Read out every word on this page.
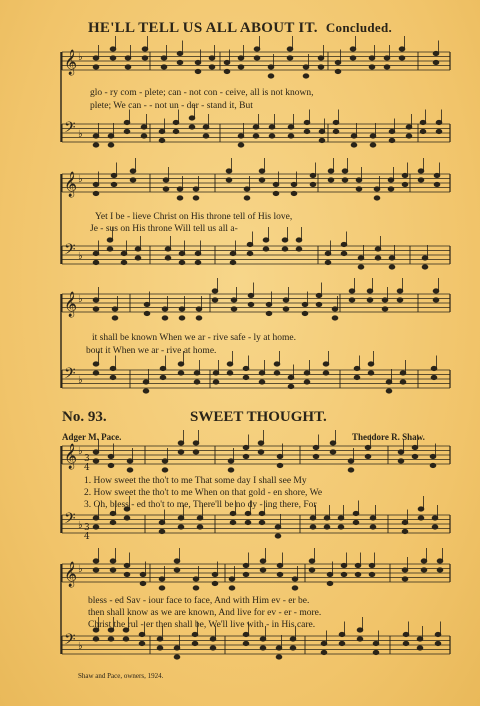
𝄞 ♭
𝄢 ♭
𝄞 ♭
𝄢 ♭
𝄞 ♭
𝄢 ♭
𝄞 ♭
𝄢 ♭
𝄞 ♭
𝄢 ♭
3
4
3
4
HE'LL TELL US ALL ABOUT IT. Concluded.
glo - ry com - plete; can - not con - ceive, all is not known,
plete; We can - - not un - der - stand it, But
Yet I be - lieve Christ on His throne tell of His love,
Je - sus on His throne Will tell us all a-
it shall be known When we ar - rive safe - ly at home.
bout it When we ar - rive at home.
No. 93.	SWEET THOUGHT.
Adger M. Pace.	Theodore R. Shaw.
1. How sweet the tho't to me That some day I shall see My
2. How sweet the tho't to me When on that gold - en shore, We
3. Oh, bless - ed tho't to me, There'll be no dy - ing there, For
bless - ed Sav - iour face to face, And with Him ev - er be.
then shall know as we are known, And live for ev - er - more.
Christ the rul - er then shall be, We'll live with - in His care.
Shaw and Pace, owners, 1924.
